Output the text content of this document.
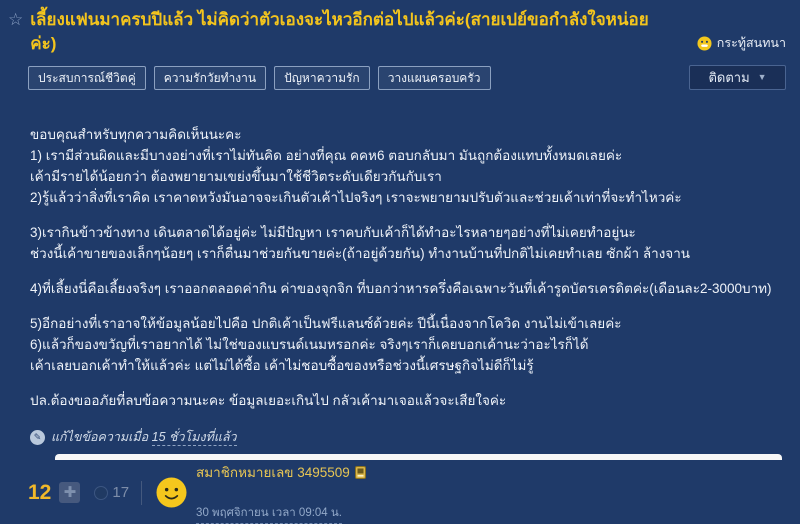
☆ เลี้ยงแฟนมาครบปีแล้ว ไม่คิดว่าตัวเองจะไหวอีกต่อไปแล้วค่ะ(สายเปย์ขอกำลังใจหน่อยค่ะ)
ประสบการณ์ชีวิตคู่	ความรักวัยทำงาน	ปัญหาความรัก	วางแผนครอบครัว
กระทู้สนทนา

ติดตาม ▼
ขอบคุณสำหรับทุกความคิดเห็นนะคะ
1) เรามีส่วนผิดและมีบางอย่างที่เราไม่ทันคิด อย่างที่คุณ คคห6 ตอบกลับมา มันถูกต้องแทบทั้งหมดเลยค่ะ
เค้ามีรายได้น้อยกว่า ต้องพยายามเขย่งขึ้นมาใช้ชีวิตระดับเดียวกันกับเรา
2)รู้แล้วว่าสิ่งที่เราคิด เราคาดหวังมันอาจจะเกินตัวเค้าไปจริงๆ เราจะพยายามปรับตัวและช่วยเค้าเท่าที่จะทำไหวค่ะ
3)เรากินข้าวข้างทาง เดินตลาดได้อยู่ค่ะ ไม่มีปัญหา เราคบกับเค้าก็ได้ทำอะไรหลายๆอย่างที่ไม่เคยทำอยู่นะ
ช่วงนี้เค้าขายของเล็กๆน้อยๆ เราก็ตื่นมาช่วยกันขายค่ะ(ถ้าอยู่ด้วยกัน) ทำงานบ้านที่ปกติไม่เคยทำเลย ซักผ้า ล้างจาน
4)ที่เลี้ยงนี่คือเลี้ยงจริงๆ เราออกตลอดค่ากิน ค่าของจุกจิก ที่บอกว่าหารครึ่งคือเฉพาะวันที่เค้ารูดบัตรเครดิตค่ะ(เดือนละ2-3000บาท)
5)อีกอย่างที่เราอาจให้ข้อมูลน้อยไปคือ ปกติเค้าเป็นฟรีแลนซ์ด้วยค่ะ ปีนี้เนื่องจากโควิด งานไม่เข้าเลยค่ะ
6)แล้วก็ของขวัญที่เราอยากได้ ไม่ใช่ของแบรนด์เนมหรอกค่ะ จริงๆเราก็เคยบอกเค้านะว่าอะไรก็ได้
เค้าเลยบอกเค้าทำให้แล้วค่ะ แต่ไม่ได้ซื้อ เค้าไม่ชอบซื้อของหรือช่วงนี้เศรษฐกิจไม่ดีก็ไม่รู้
ปล.ต้องขออภัยที่ลบข้อความนะคะ ข้อมูลเยอะเกินไป กลัวเค้ามาเจอแล้วจะเสียใจค่ะ
✎ แก้ไขข้อความเมื่อ 15 ชั่วโมงที่แล้ว
12 ✚ 17
สมาชิกหมายเลข 3495509

30 พฤศจิกายน เวลา 09:04 น.
